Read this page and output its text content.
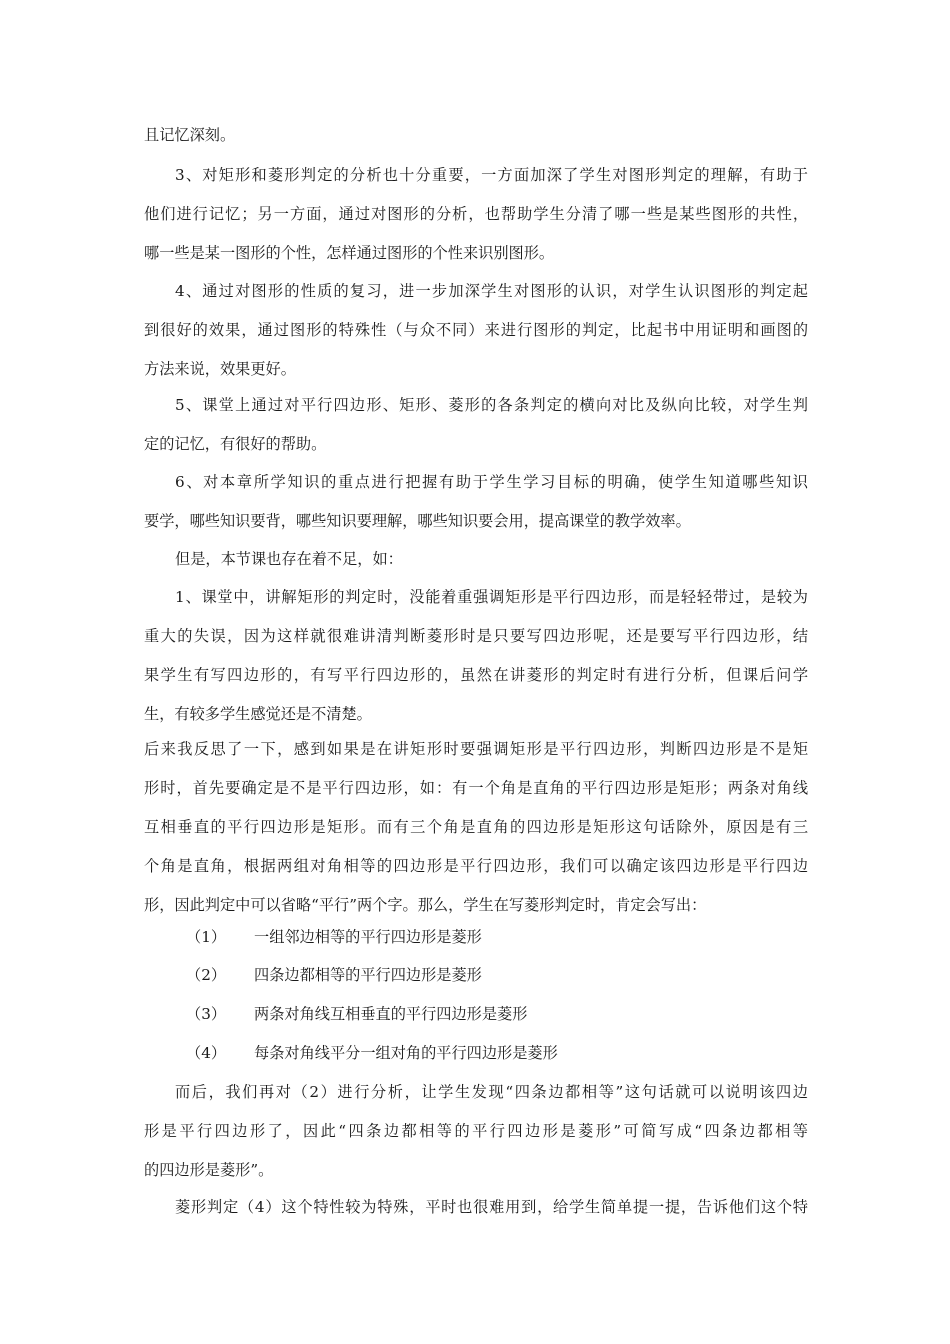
且记忆深刻。
3、对矩形和菱形判定的分析也十分重要，一方面加深了学生对图形判定的理解，有助于
他们进行记忆；另一方面，通过对图形的分析，也帮助学生分清了哪一些是某些图形的共性，
哪一些是某一图形的个性，怎样通过图形的个性来识别图形。
4、通过对图形的性质的复习，进一步加深学生对图形的认识，对学生认识图形的判定起
到很好的效果，通过图形的特殊性（与众不同）来进行图形的判定，比起书中用证明和画图的
方法来说，效果更好。
5、课堂上通过对平行四边形、矩形、菱形的各条判定的横向对比及纵向比较，对学生判
定的记忆，有很好的帮助。
6、对本章所学知识的重点进行把握有助于学生学习目标的明确，使学生知道哪些知识
要学，哪些知识要背，哪些知识要理解，哪些知识要会用，提高课堂的教学效率。
但是，本节课也存在着不足，如：
1、课堂中，讲解矩形的判定时，没能着重强调矩形是平行四边形，而是轻轻带过，是较为
重大的失误，因为这样就很难讲清判断菱形时是只要写四边形呢，还是要写平行四边形，结
果学生有写四边形的，有写平行四边形的，虽然在讲菱形的判定时有进行分析，但课后问学
生，有较多学生感觉还是不清楚。
后来我反思了一下，感到如果是在讲矩形时要强调矩形是平行四边形，判断四边形是不是矩
形时，首先要确定是不是平行四边形，如：有一个角是直角的平行四边形是矩形；两条对角线
互相垂直的平行四边形是矩形。而有三个角是直角的四边形是矩形这句话除外，原因是有三
个角是直角，根据两组对角相等的四边形是平行四边形，我们可以确定该四边形是平行四边
形，因此判定中可以省略“平行”两个字。那么，学生在写菱形判定时，肯定会写出：
（1） 一组邻边相等的平行四边形是菱形
（2） 四条边都相等的平行四边形是菱形
（3） 两条对角线互相垂直的平行四边形是菱形
（4） 每条对角线平分一组对角的平行四边形是菱形
而后，我们再对（2）进行分析，让学生发现“四条边都相等”这句话就可以说明该四边
形是平行四边形了，因此“四条边都相等的平行四边形是菱形”可简写成“四条边都相等
的四边形是菱形”。
菱形判定（4）这个特性较为特殊，平时也很难用到，给学生简单提一提，告诉他们这个特
